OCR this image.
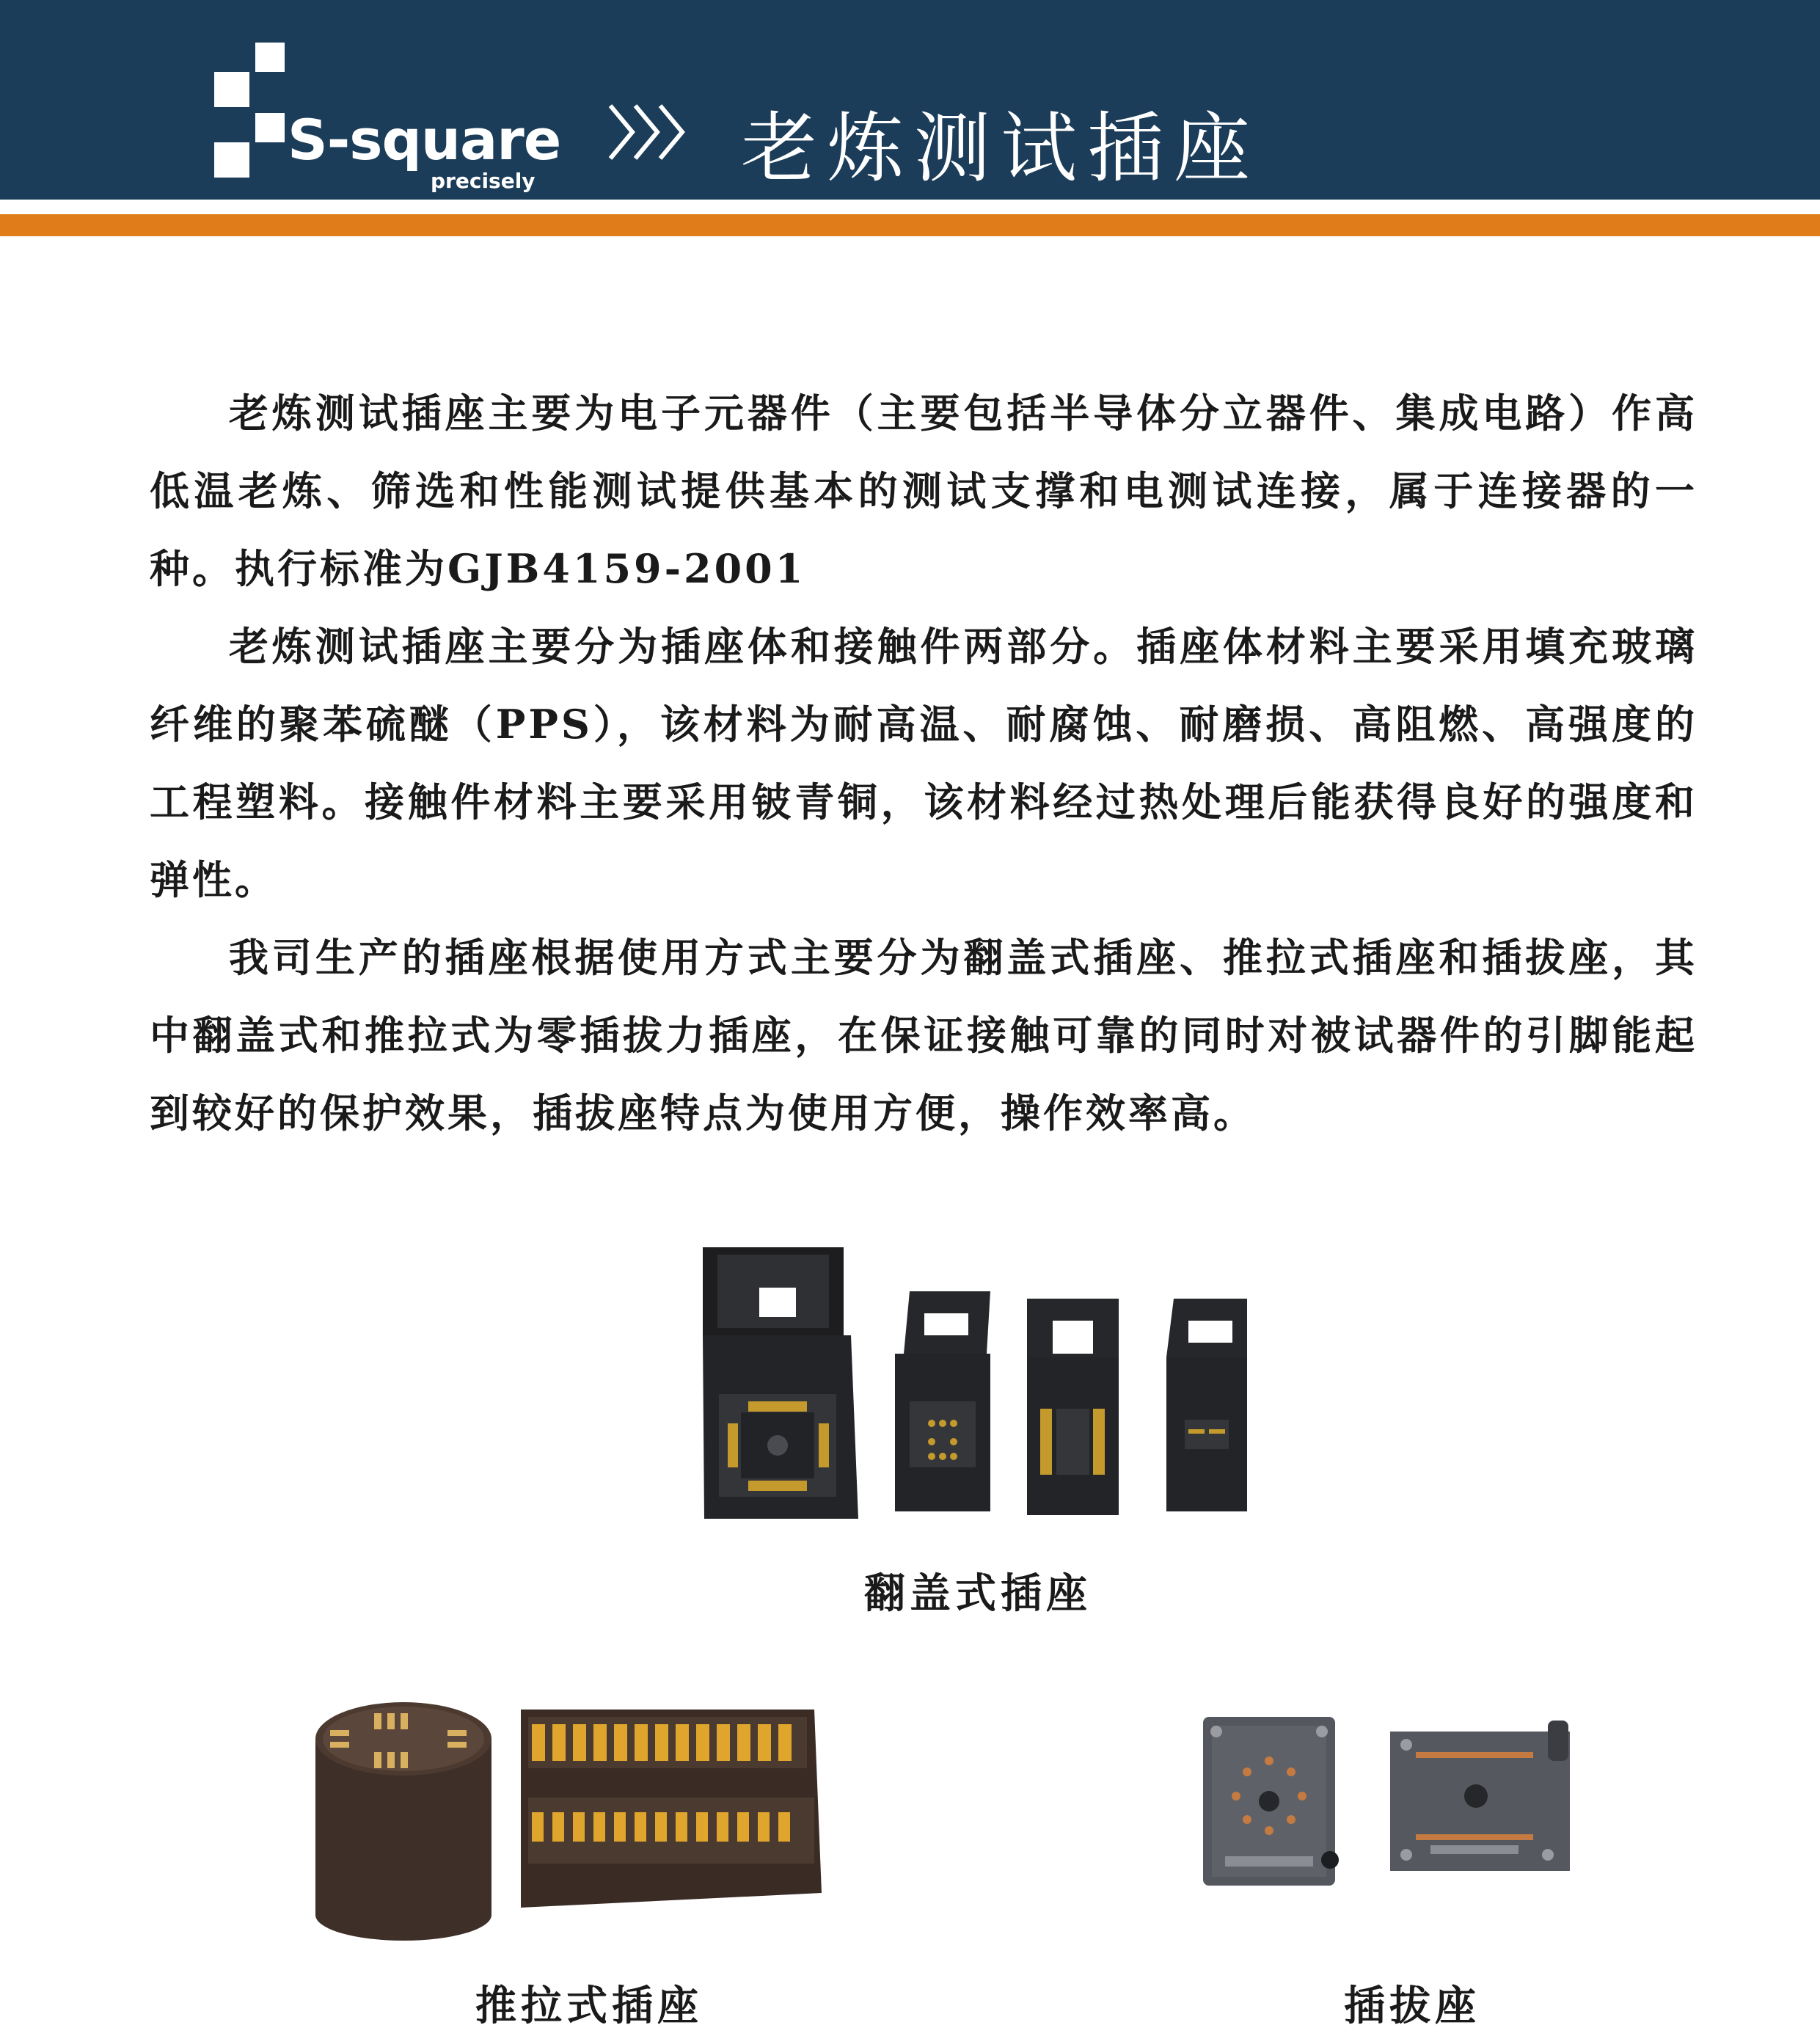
S-square
precisely	老炼测试插座

老炼测试插座主要为电子元器件（主要包括半导体分立器件、集成电路）作高低温老炼、筛选和性能测试提供基本的测试支撑和电测试连接，属于连接器的一种。执行标准为GJB4159-2001

老炼测试插座主要分为插座体和接触件两部分。插座体材料主要采用填充玻璃纤维的聚苯硫醚（PPS），该材料为耐高温、耐腐蚀、耐磨损、高阻燃、高强度的工程塑料。接触件材料主要采用铍青铜，该材料经过热处理后能获得良好的强度和弹性。

我司生产的插座根据使用方式主要分为翻盖式插座、推拉式插座和插拔座，其中翻盖式和推拉式为零插拔力插座，在保证接触可靠的同时对被试器件的引脚能起到较好的保护效果，插拔座特点为使用方便，操作效率高。

翻盖式插座
推拉式插座	插拔座
